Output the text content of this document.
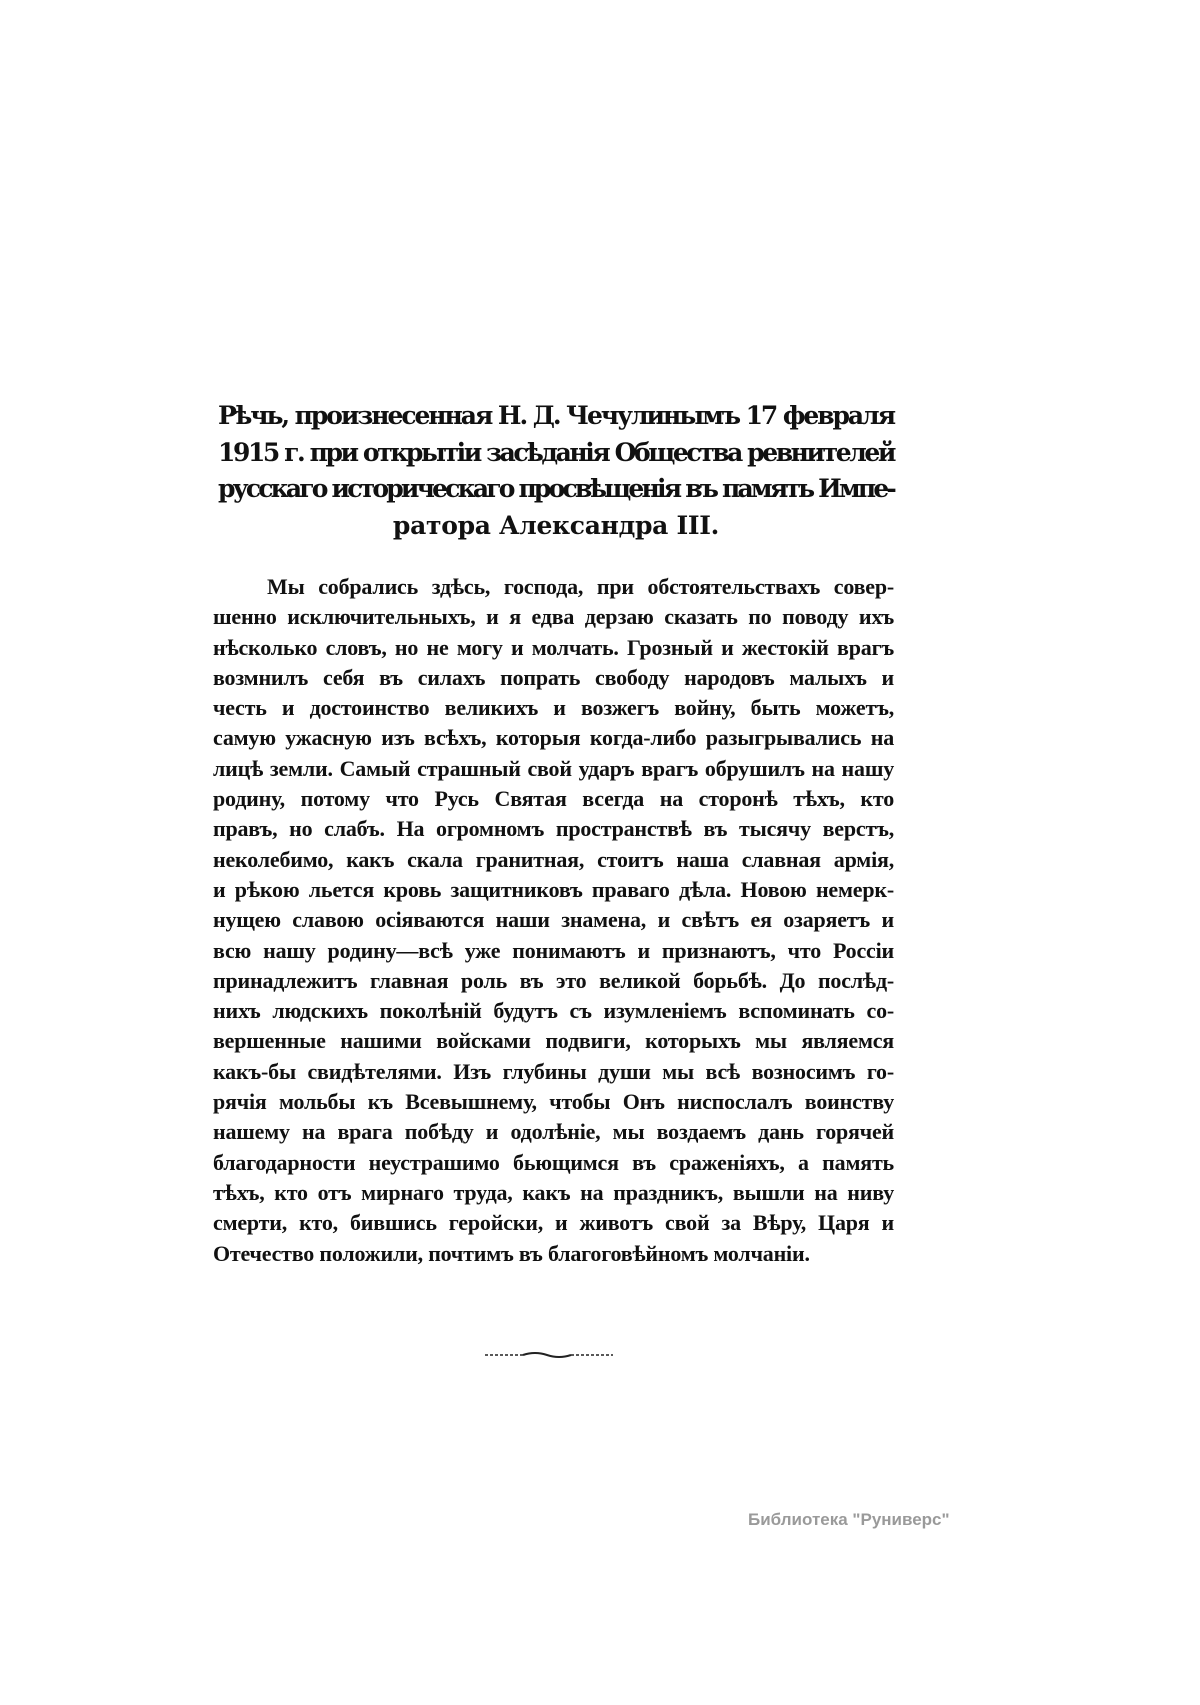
Рѣчь, произнесенная Н. Д. Чечулинымъ 17 февраля
1915 г. при открытіи засѣданія Общества ревнителей
русскаго историческаго просвѣщенія въ память Импе-
ратора Александра III.
Мы собрались здѣсь, господа, при обстоятельствахъ совер-
шенно исключительныхъ, и я едва дерзаю сказать по поводу ихъ
нѣсколько словъ, но не могу и молчать. Грозный и жестокій врагъ
возмнилъ себя въ силахъ попрать свободу народовъ малыхъ и
честь и достоинство великихъ и возжегъ войну, быть можетъ,
самую ужасную изъ всѣхъ, которыя когда-либо разыгрывались на
лицѣ земли. Самый страшный свой ударъ врагъ обрушилъ на нашу
родину, потому что Русь Святая всегда на сторонѣ тѣхъ, кто
правъ, но слабъ. На огромномъ пространствѣ въ тысячу верстъ,
неколебимо, какъ скала гранитная, стоитъ наша славная армія,
и рѣкою льется кровь защитниковъ праваго дѣла. Новою немерк-
нущею славою осіяваются наши знамена, и свѣтъ ея озаряетъ и
всю нашу родину—всѣ уже понимаютъ и признаютъ, что Россіи
принадлежитъ главная роль въ это великой борьбѣ. До послѣд-
нихъ людскихъ поколѣній будутъ съ изумленіемъ вспоминать со-
вершенные нашими войсками подвиги, которыхъ мы являемся
какъ-бы свидѣтелями. Изъ глубины души мы всѣ возносимъ го-
рячія мольбы къ Всевышнему, чтобы Онъ ниспослалъ воинству
нашему на врага побѣду и одолѣніе, мы воздаемъ дань горячей
благодарности неустрашимо бьющимся въ сраженіяхъ, а память
тѣхъ, кто отъ мирнаго труда, какъ на праздникъ, вышли на ниву
смерти, кто, бившись геройски, и животъ свой за Вѣру, Царя и
Отечество положили, почтимъ въ благоговѣйномъ молчаніи.
Библиотека "Руниверс"
